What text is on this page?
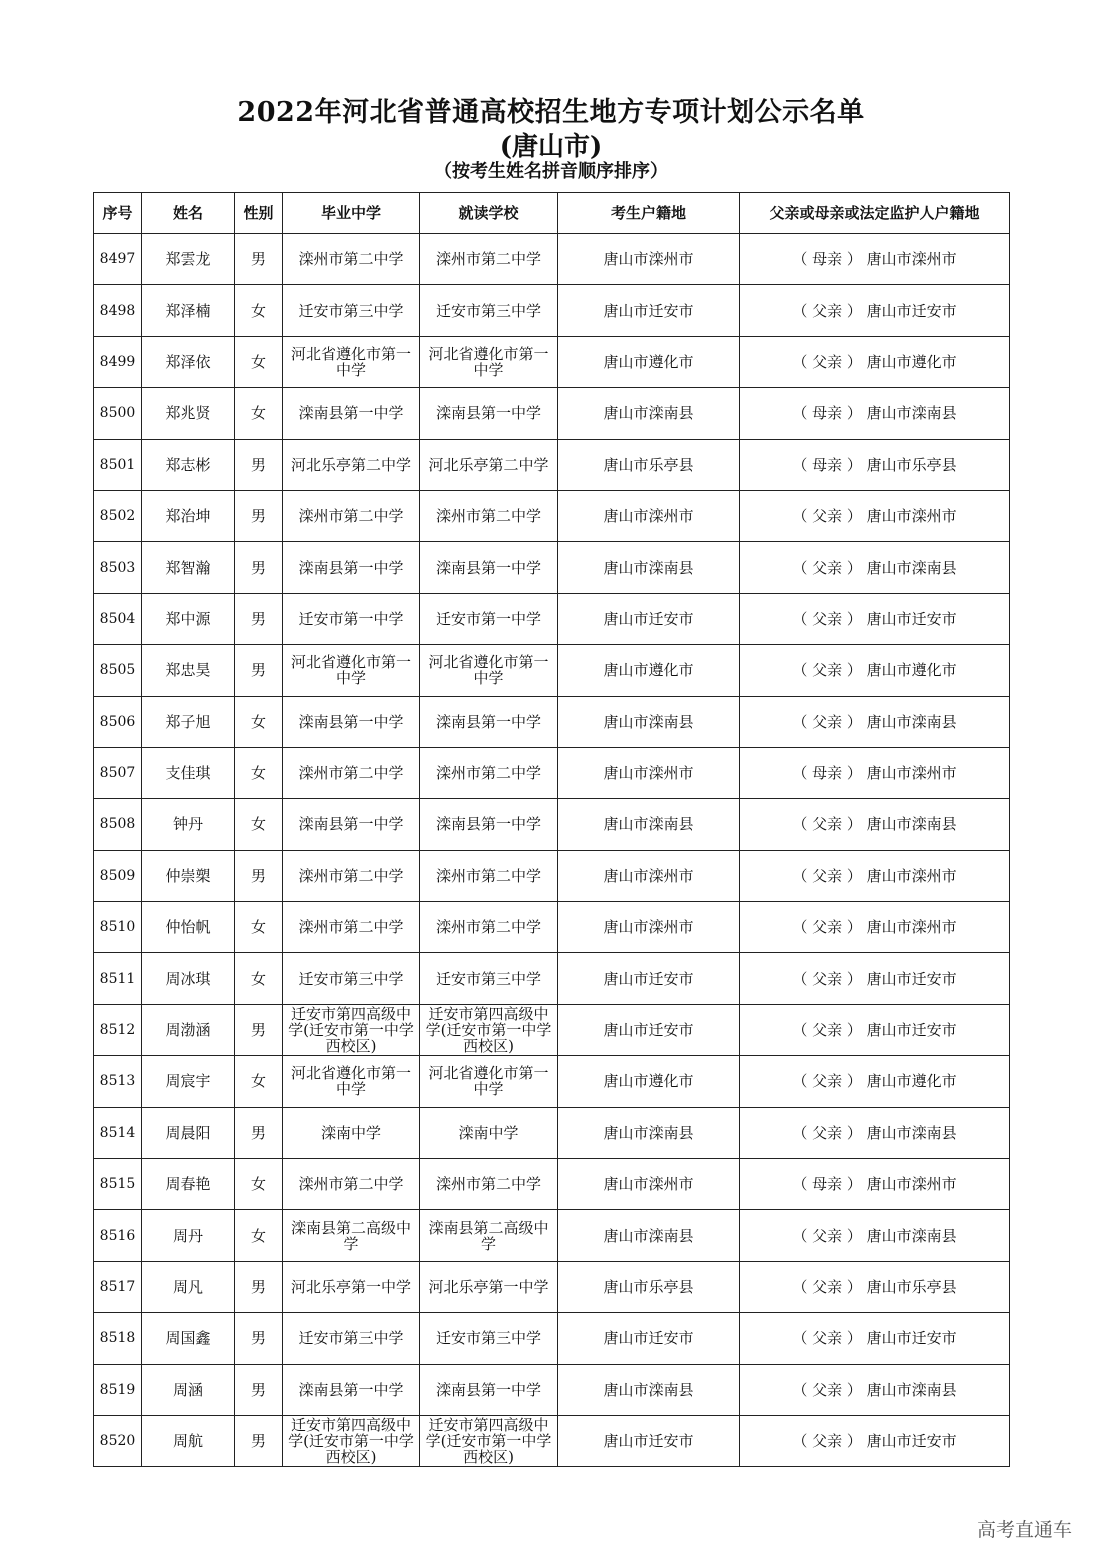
2022年河北省普通高校招生地方专项计划公示名单
(唐山市)
（按考生姓名拼音顺序排序）
序号	姓名	性别	毕业中学	就读学校	考生户籍地	父亲或母亲或法定监护人户籍地
8497	郑雲龙	男	滦州市第二中学	滦州市第二中学	唐山市滦州市	（ 母亲 ） 唐山市滦州市
8498	郑泽楠	女	迁安市第三中学	迁安市第三中学	唐山市迁安市	（ 父亲 ） 唐山市迁安市
8499	郑泽依	女	河北省遵化市第一中学	河北省遵化市第一中学	唐山市遵化市	（ 父亲 ） 唐山市遵化市
8500	郑兆贤	女	滦南县第一中学	滦南县第一中学	唐山市滦南县	（ 母亲 ） 唐山市滦南县
8501	郑志彬	男	河北乐亭第二中学	河北乐亭第二中学	唐山市乐亭县	（ 母亲 ） 唐山市乐亭县
8502	郑治坤	男	滦州市第二中学	滦州市第二中学	唐山市滦州市	（ 父亲 ） 唐山市滦州市
8503	郑智瀚	男	滦南县第一中学	滦南县第一中学	唐山市滦南县	（ 父亲 ） 唐山市滦南县
8504	郑中源	男	迁安市第一中学	迁安市第一中学	唐山市迁安市	（ 父亲 ） 唐山市迁安市
8505	郑忠昊	男	河北省遵化市第一中学	河北省遵化市第一中学	唐山市遵化市	（ 父亲 ） 唐山市遵化市
8506	郑子旭	女	滦南县第一中学	滦南县第一中学	唐山市滦南县	（ 父亲 ） 唐山市滦南县
8507	支佳琪	女	滦州市第二中学	滦州市第二中学	唐山市滦州市	（ 母亲 ） 唐山市滦州市
8508	钟丹	女	滦南县第一中学	滦南县第一中学	唐山市滦南县	（ 父亲 ） 唐山市滦南县
8509	仲崇槊	男	滦州市第二中学	滦州市第二中学	唐山市滦州市	（ 父亲 ） 唐山市滦州市
8510	仲怡帆	女	滦州市第二中学	滦州市第二中学	唐山市滦州市	（ 父亲 ） 唐山市滦州市
8511	周冰琪	女	迁安市第三中学	迁安市第三中学	唐山市迁安市	（ 父亲 ） 唐山市迁安市
8512	周渤涵	男	迁安市第四高级中学(迁安市第一中学西校区)	迁安市第四高级中学(迁安市第一中学西校区)	唐山市迁安市	（ 父亲 ） 唐山市迁安市
8513	周宸宇	女	河北省遵化市第一中学	河北省遵化市第一中学	唐山市遵化市	（ 父亲 ） 唐山市遵化市
8514	周晨阳	男	滦南中学	滦南中学	唐山市滦南县	（ 父亲 ） 唐山市滦南县
8515	周春艳	女	滦州市第二中学	滦州市第二中学	唐山市滦州市	（ 母亲 ） 唐山市滦州市
8516	周丹	女	滦南县第二高级中学	滦南县第二高级中学	唐山市滦南县	（ 父亲 ） 唐山市滦南县
8517	周凡	男	河北乐亭第一中学	河北乐亭第一中学	唐山市乐亭县	（ 父亲 ） 唐山市乐亭县
8518	周国鑫	男	迁安市第三中学	迁安市第三中学	唐山市迁安市	（ 父亲 ） 唐山市迁安市
8519	周涵	男	滦南县第一中学	滦南县第一中学	唐山市滦南县	（ 父亲 ） 唐山市滦南县
8520	周航	男	迁安市第四高级中学(迁安市第一中学西校区)	迁安市第四高级中学(迁安市第一中学西校区)	唐山市迁安市	（ 父亲 ） 唐山市迁安市
高考直通车
